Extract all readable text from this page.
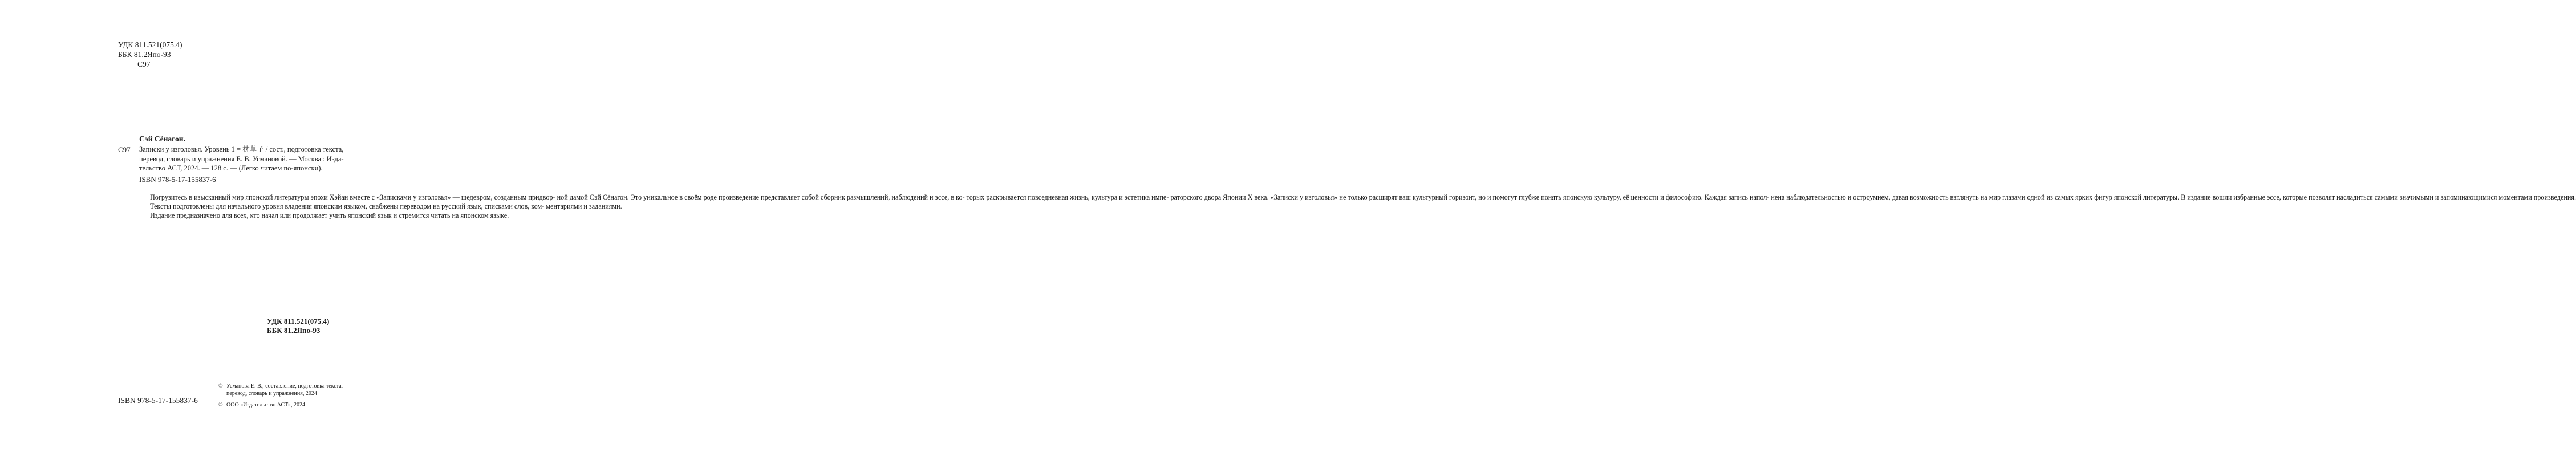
УДК 811.521(075.4)
ББК 81.2Япо-93
С97
Сэй Сёнагон.
С97 Записки у изголовья. Уровень 1 = 枕草子 / сост., подготовка текста,
перевод, словарь и упражнения Е. В. Усмановой. — Москва : Изда-
тельство АСТ, 2024. — 128 с. — (Легко читаем по-японски).
ISBN 978-5-17-155837-6

Погрузитесь в изысканный мир японской литературы эпохи Хэйан вместе с «Записками у изголовья» — шедевром, созданным придвор- ной дамой Сэй Сёнагон. Это уникальное в своём роде произведение представляет собой сборник размышлений, наблюдений и эссе, в ко- торых раскрывается повседневная жизнь, культура и эстетика импе- раторского двора Японии X века. «Записки у изголовья» не только расширят ваш культурный горизонт, но и помогут глубже понять японскую культуру, её ценности и философию. Каждая запись напол- нена наблюдательностью и остроумием, давая возможность взглянуть на мир глазами одной из самых ярких фигур японской литературы. В издание вошли избранные эссе, которые позволят насладиться самыми значимыми и запоминающимися моментами произведения.

Тексты подготовлены для начального уровня владения японским языком, снабжены переводом на русский язык, списками слов, ком- ментариями и заданиями.

Издание предназначено для всех, кто начал или продолжает учить японский язык и стремится читать на японском языке.

УДК 811.521(075.4)
ББК 81.2Япо-93
ISBN 978-5-17-155837-6
© Усманова Е. В., составление, подготовка текста,
перевод, словарь и упражнения, 2024
© ООО «Издательство АСТ», 2024
